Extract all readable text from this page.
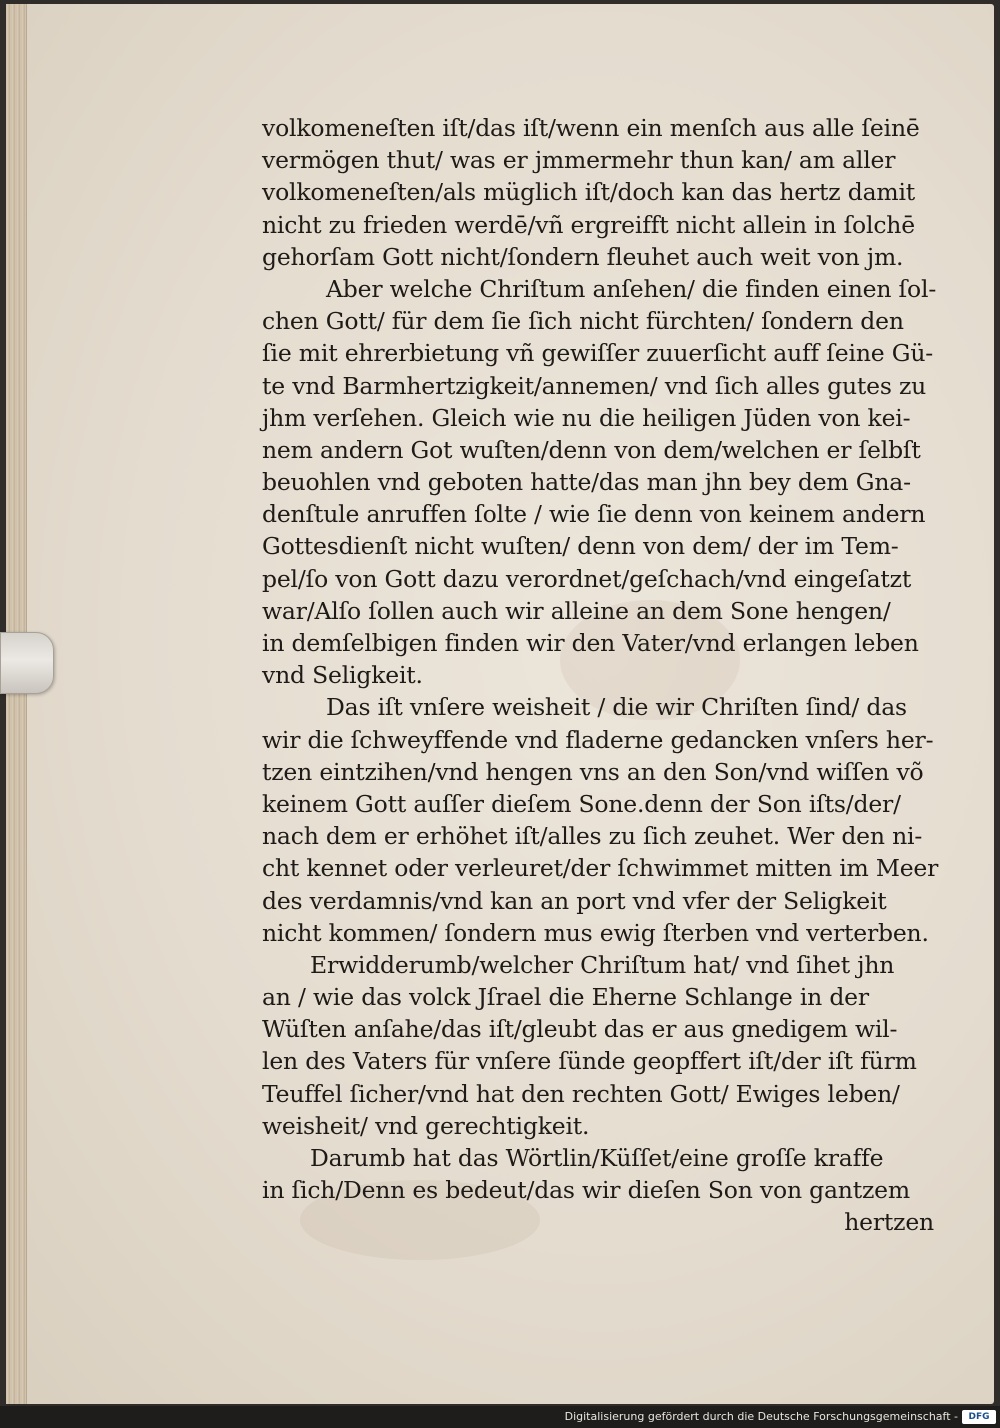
volkomeneſten iſt/das iſt/wenn ein menſch aus alle ſeinē
vermögen thut/ was er jmmermehr thun kan/ am aller
volkomeneſten/als müglich iſt/doch kan das hertz damit
nicht zu frieden werdē/vñ ergreifft nicht allein in ſolchē
gehorſam Gott nicht/ſondern fleuhet auch weit von jm.
Aber welche Chriſtum anſehen/ die finden einen ſol-
chen Gott/ für dem ſie ſich nicht fürchten/ ſondern den
ſie mit ehrerbietung vñ gewiſſer zuuerſicht auff ſeine Gü-
te vnd Barmhertzigkeit/annemen/ vnd ſich alles gutes zu
jhm verſehen. Gleich wie nu die heiligen Jüden von kei-
nem andern Got wuſten/denn von dem/welchen er ſelbſt
beuohlen vnd geboten hatte/das man jhn bey dem Gna-
denſtule anruffen ſolte / wie ſie denn von keinem andern
Gottesdienſt nicht wuſten/ denn von dem/ der im Tem-
pel/ſo von Gott dazu verordnet/geſchach/vnd eingeſatzt
war/Alſo ſollen auch wir alleine an dem Sone hengen/
in demſelbigen finden wir den Vater/vnd erlangen leben
vnd Seligkeit.
Das iſt vnſere weisheit / die wir Chriſten ſind/ das
wir die ſchweyffende vnd fladerne gedancken vnſers her-
tzen eintzihen/vnd hengen vns an den Son/vnd wiſſen võ
keinem Gott auſſer dieſem Sone.denn der Son iſts/der/
nach dem er erhöhet iſt/alles zu ſich zeuhet. Wer den ni-
cht kennet oder verleuret/der ſchwimmet mitten im Meer
des verdamnis/vnd kan an port vnd vfer der Seligkeit
nicht kommen/ ſondern mus ewig ſterben vnd verterben.
Erwidderumb/welcher Chriſtum hat/ vnd ſihet jhn
an / wie das volck Jſrael die Eherne Schlange in der
Wüſten anſahe/das iſt/gleubt das er aus gnedigem wil-
len des Vaters für vnſere ſünde geopffert iſt/der iſt fürm
Teuffel ſicher/vnd hat den rechten Gott/ Ewiges leben/
weisheit/ vnd gerechtigkeit.
Darumb hat das Wörtlin/Küſſet/eine groſſe kraffe
in ſich/Denn es bedeut/das wir dieſen Son von gantzem
hertzen
Digitalisierung gefördert durch die Deutsche Forschungsgemeinschaft -	DFG
